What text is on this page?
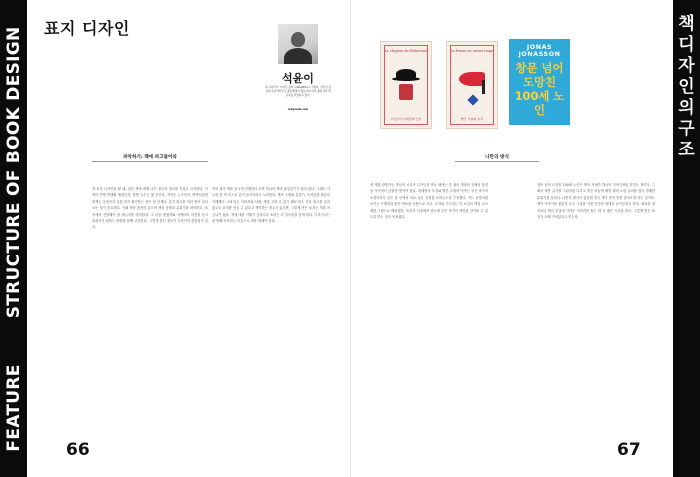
FEATURESTRUCTURE OF BOOK DESIGN
책
디
자
인
의
구
조
표지 디자인
석윤이
북 디자이너. 디자인 잡지 <GRAPHIC> 기획자. 인문서 중심의 북디자인으로 출판계에서 활동하며 여러 출판사의 책 표지를 작업하고 있다.
ssbyseok.com
Le chapeau de Mitterrand
프랑수아 미테랑의 모자
La femme au carnet rouge
빨간 수첩의 여자
JONAS JONASSON
창문 넘어
도망친
100세 노인
파악하기: 책에 파고들어라	나만의 방식
책 표지 디자인을 할 때, 일단 책에 대해 나은 정도의 정보를 가지고 시작한다. 이 책이 언제 발행될 예정인지, 발행 부수는 몇 부인지, 저자는 누구인지, 번역서라면 원제는 무엇인지 등을 먼저 확인하는 것이 첫 단계다. 특히 원고를 미리 받아 읽어 보는 것이 중요하다. 이때 책을 꼼꼼히 읽으며 핵심 문장과 분위기를 파악하고, 표지에서 전달해야 할 메시지를 정리한다. 그 다음 편집자와 마케터의 의견을 듣고 출판사가 원하는 방향을 함께 고민한다. 그렇게 쌓인 정보가 디자인의 출발점이 된다.
여러 권의 책을 동시에 진행하다 보면 하나의 책에 몰입하기가 쉽지 않다. 그래도 가능한 한 책 속으로 깊이 들어가려고 노력한다. 책의 주제와 분위기, 독자층을 충분히 이해해야 그에 맞는 이미지와 서체, 색을 고를 수 있기 때문이다. 간혹 원고를 읽지 않고도 표지를 만들 수 있다고 생각하는 경우가 있지만, 그렇게 만든 표지는 책과 어긋나기 쉽다. 책에 대한 이해가 깊을수록 표지는 더 설득력을 갖게 된다. 디자이너는 첫 번째 독자라는 마음으로 책을 대해야 한다.
세 책을 관통하는 하나의 시리즈 디자인을 만들 때에는 각 권의 개성과 전체의 통일성 사이에서 균형을 찾아야 한다. 미테랑의 모자와 빨간 수첩의 여자는 같은 작가의 소설이어서 같은 틀 안에서 서로 다른 상징을 보여주도록 구성했다. 카드 문양처럼 보이는 프레임과 붉은 색조를 공통으로 쓰고, 모자와 구두라는 각 소설의 핵심 오브제를 그림으로 배치했다. 독자가 서점에서 한눈에 같은 작가의 책임을 알아볼 수 있도록 하는 것이 목표였다.
창문 넘어 도망친 100세 노인은 제목 자체가 하나의 이야기처럼 읽히는 책이다. 그래서 제목 글자를 그림처럼 다루고 밝은 하늘색 배경 위에 노란 글씨를 얹어 경쾌한 분위기를 살렸다. 나만의 방식이 있다면 결국 책이 먼저 말을 걸어오게 하는 것이다. 책의 이야기를 충분히 듣고 그것을 가장 단순한 형태로 보여주려고 한다. 화려한 장식보다 책의 본질에 가까운 이미지를 찾는 데 더 많은 시간을 쓴다. 그렇게 만든 표지가 오래 기억된다고 믿는다.
66	67
